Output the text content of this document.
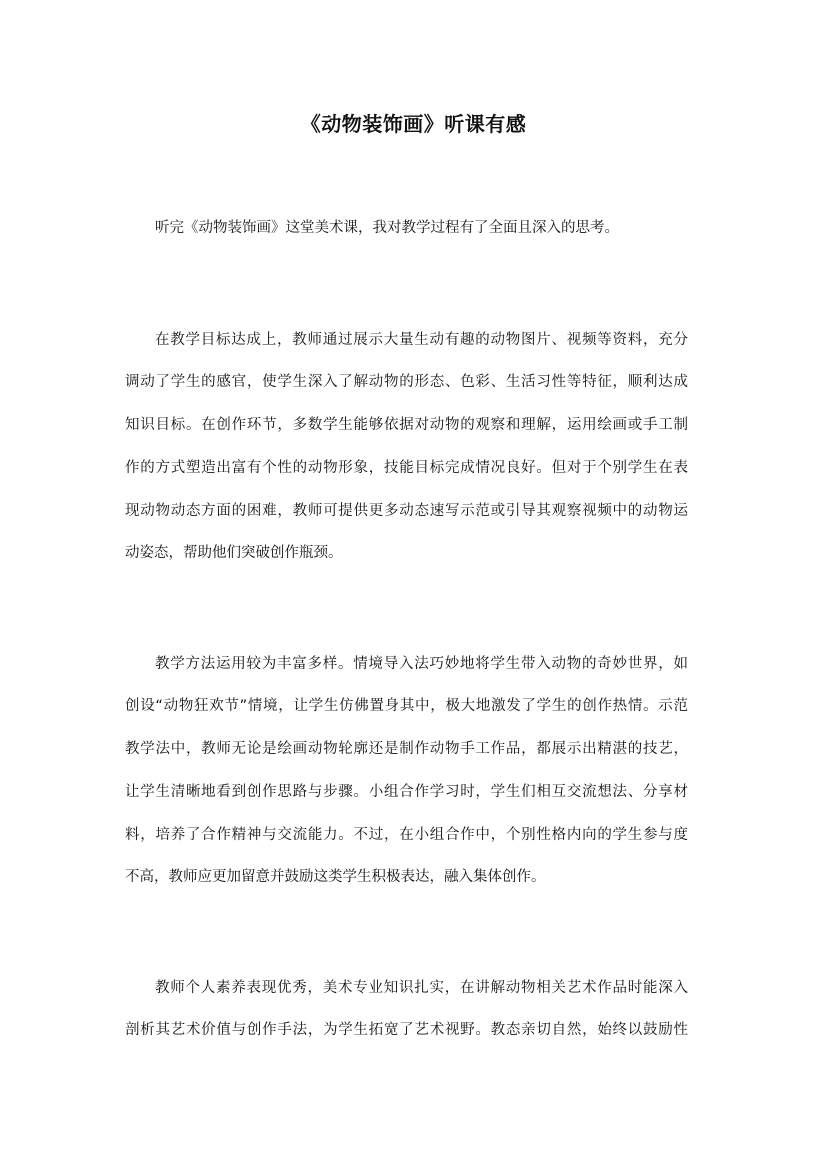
《动物装饰画》听课有感
听完《动物装饰画》这堂美术课，我对教学过程有了全面且深入的思考。
在教学目标达成上，教师通过展示大量生动有趣的动物图片、视频等资料，充分
调动了学生的感官，使学生深入了解动物的形态、色彩、生活习性等特征，顺利达成
知识目标。在创作环节，多数学生能够依据对动物的观察和理解，运用绘画或手工制
作的方式塑造出富有个性的动物形象，技能目标完成情况良好。但对于个别学生在表
现动物动态方面的困难，教师可提供更多动态速写示范或引导其观察视频中的动物运
动姿态，帮助他们突破创作瓶颈。
教学方法运用较为丰富多样。情境导入法巧妙地将学生带入动物的奇妙世界，如
创设“动物狂欢节”情境，让学生仿佛置身其中，极大地激发了学生的创作热情。示范
教学法中，教师无论是绘画动物轮廓还是制作动物手工作品，都展示出精湛的技艺，
让学生清晰地看到创作思路与步骤。小组合作学习时，学生们相互交流想法、分享材
料，培养了合作精神与交流能力。不过，在小组合作中，个别性格内向的学生参与度
不高，教师应更加留意并鼓励这类学生积极表达，融入集体创作。
教师个人素养表现优秀，美术专业知识扎实，在讲解动物相关艺术作品时能深入
剖析其艺术价值与创作手法，为学生拓宽了艺术视野。教态亲切自然，始终以鼓励性
